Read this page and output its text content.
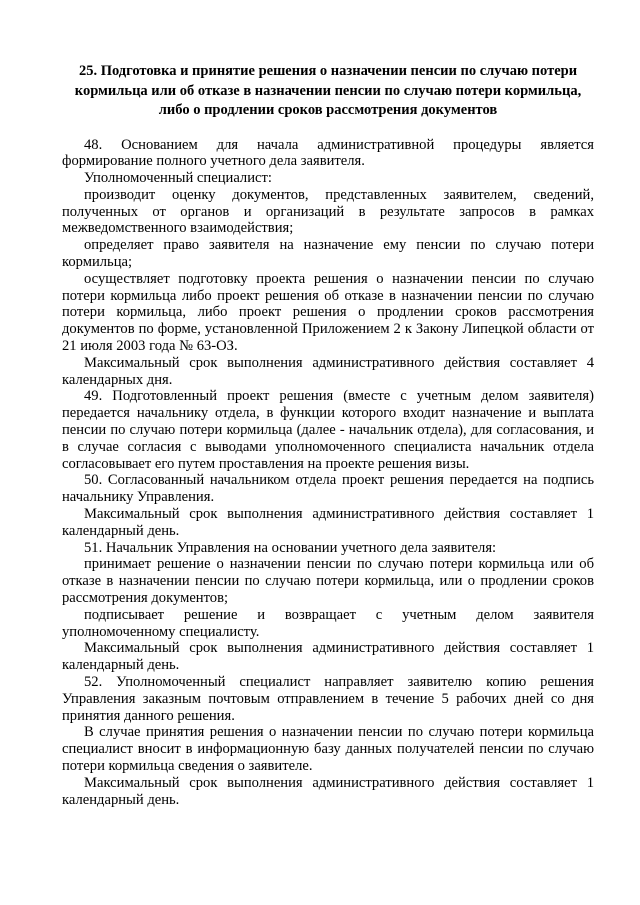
25. Подготовка и принятие решения о назначении пенсии по случаю потери кормильца или об отказе в назначении пенсии по случаю потери кормильца, либо о продлении сроков рассмотрения документов

48. Основанием для начала административной процедуры является формирование полного учетного дела заявителя.

Уполномоченный специалист:

производит оценку документов, представленных заявителем, сведений, полученных от органов и организаций в результате запросов в рамках межведомственного взаимодействия;

определяет право заявителя на назначение ему пенсии по случаю потери кормильца;

осуществляет подготовку проекта решения о назначении пенсии по случаю потери кормильца либо проект решения об отказе в назначении пенсии по случаю потери кормильца, либо проект решения о продлении сроков рассмотрения документов по форме, установленной Приложением 2 к Закону Липецкой области от 21 июля 2003 года № 63-ОЗ.

Максимальный срок выполнения административного действия составляет 4 календарных дня.

49. Подготовленный проект решения (вместе с учетным делом заявителя) передается начальнику отдела, в функции которого входит назначение и выплата пенсии по случаю потери кормильца (далее - начальник отдела), для согласования, и в случае согласия с выводами уполномоченного специалиста начальник отдела согласовывает его путем проставления на проекте решения визы.

50. Согласованный начальником отдела проект решения передается на подпись начальнику Управления.

Максимальный срок выполнения административного действия составляет 1 календарный день.

51. Начальник Управления на основании учетного дела заявителя:

принимает решение о назначении пенсии по случаю потери кормильца или об отказе в назначении пенсии по случаю потери кормильца, или о продлении сроков рассмотрения документов;

подписывает решение и возвращает с учетным делом заявителя уполномоченному специалисту.

Максимальный срок выполнения административного действия составляет 1 календарный день.

52. Уполномоченный специалист направляет заявителю копию решения Управления заказным почтовым отправлением в течение 5 рабочих дней со дня принятия данного решения.

В случае принятия решения о назначении пенсии по случаю потери кормильца специалист вносит в информационную базу данных получателей пенсии по случаю потери кормильца сведения о заявителе.

Максимальный срок выполнения административного действия составляет 1 календарный день.
